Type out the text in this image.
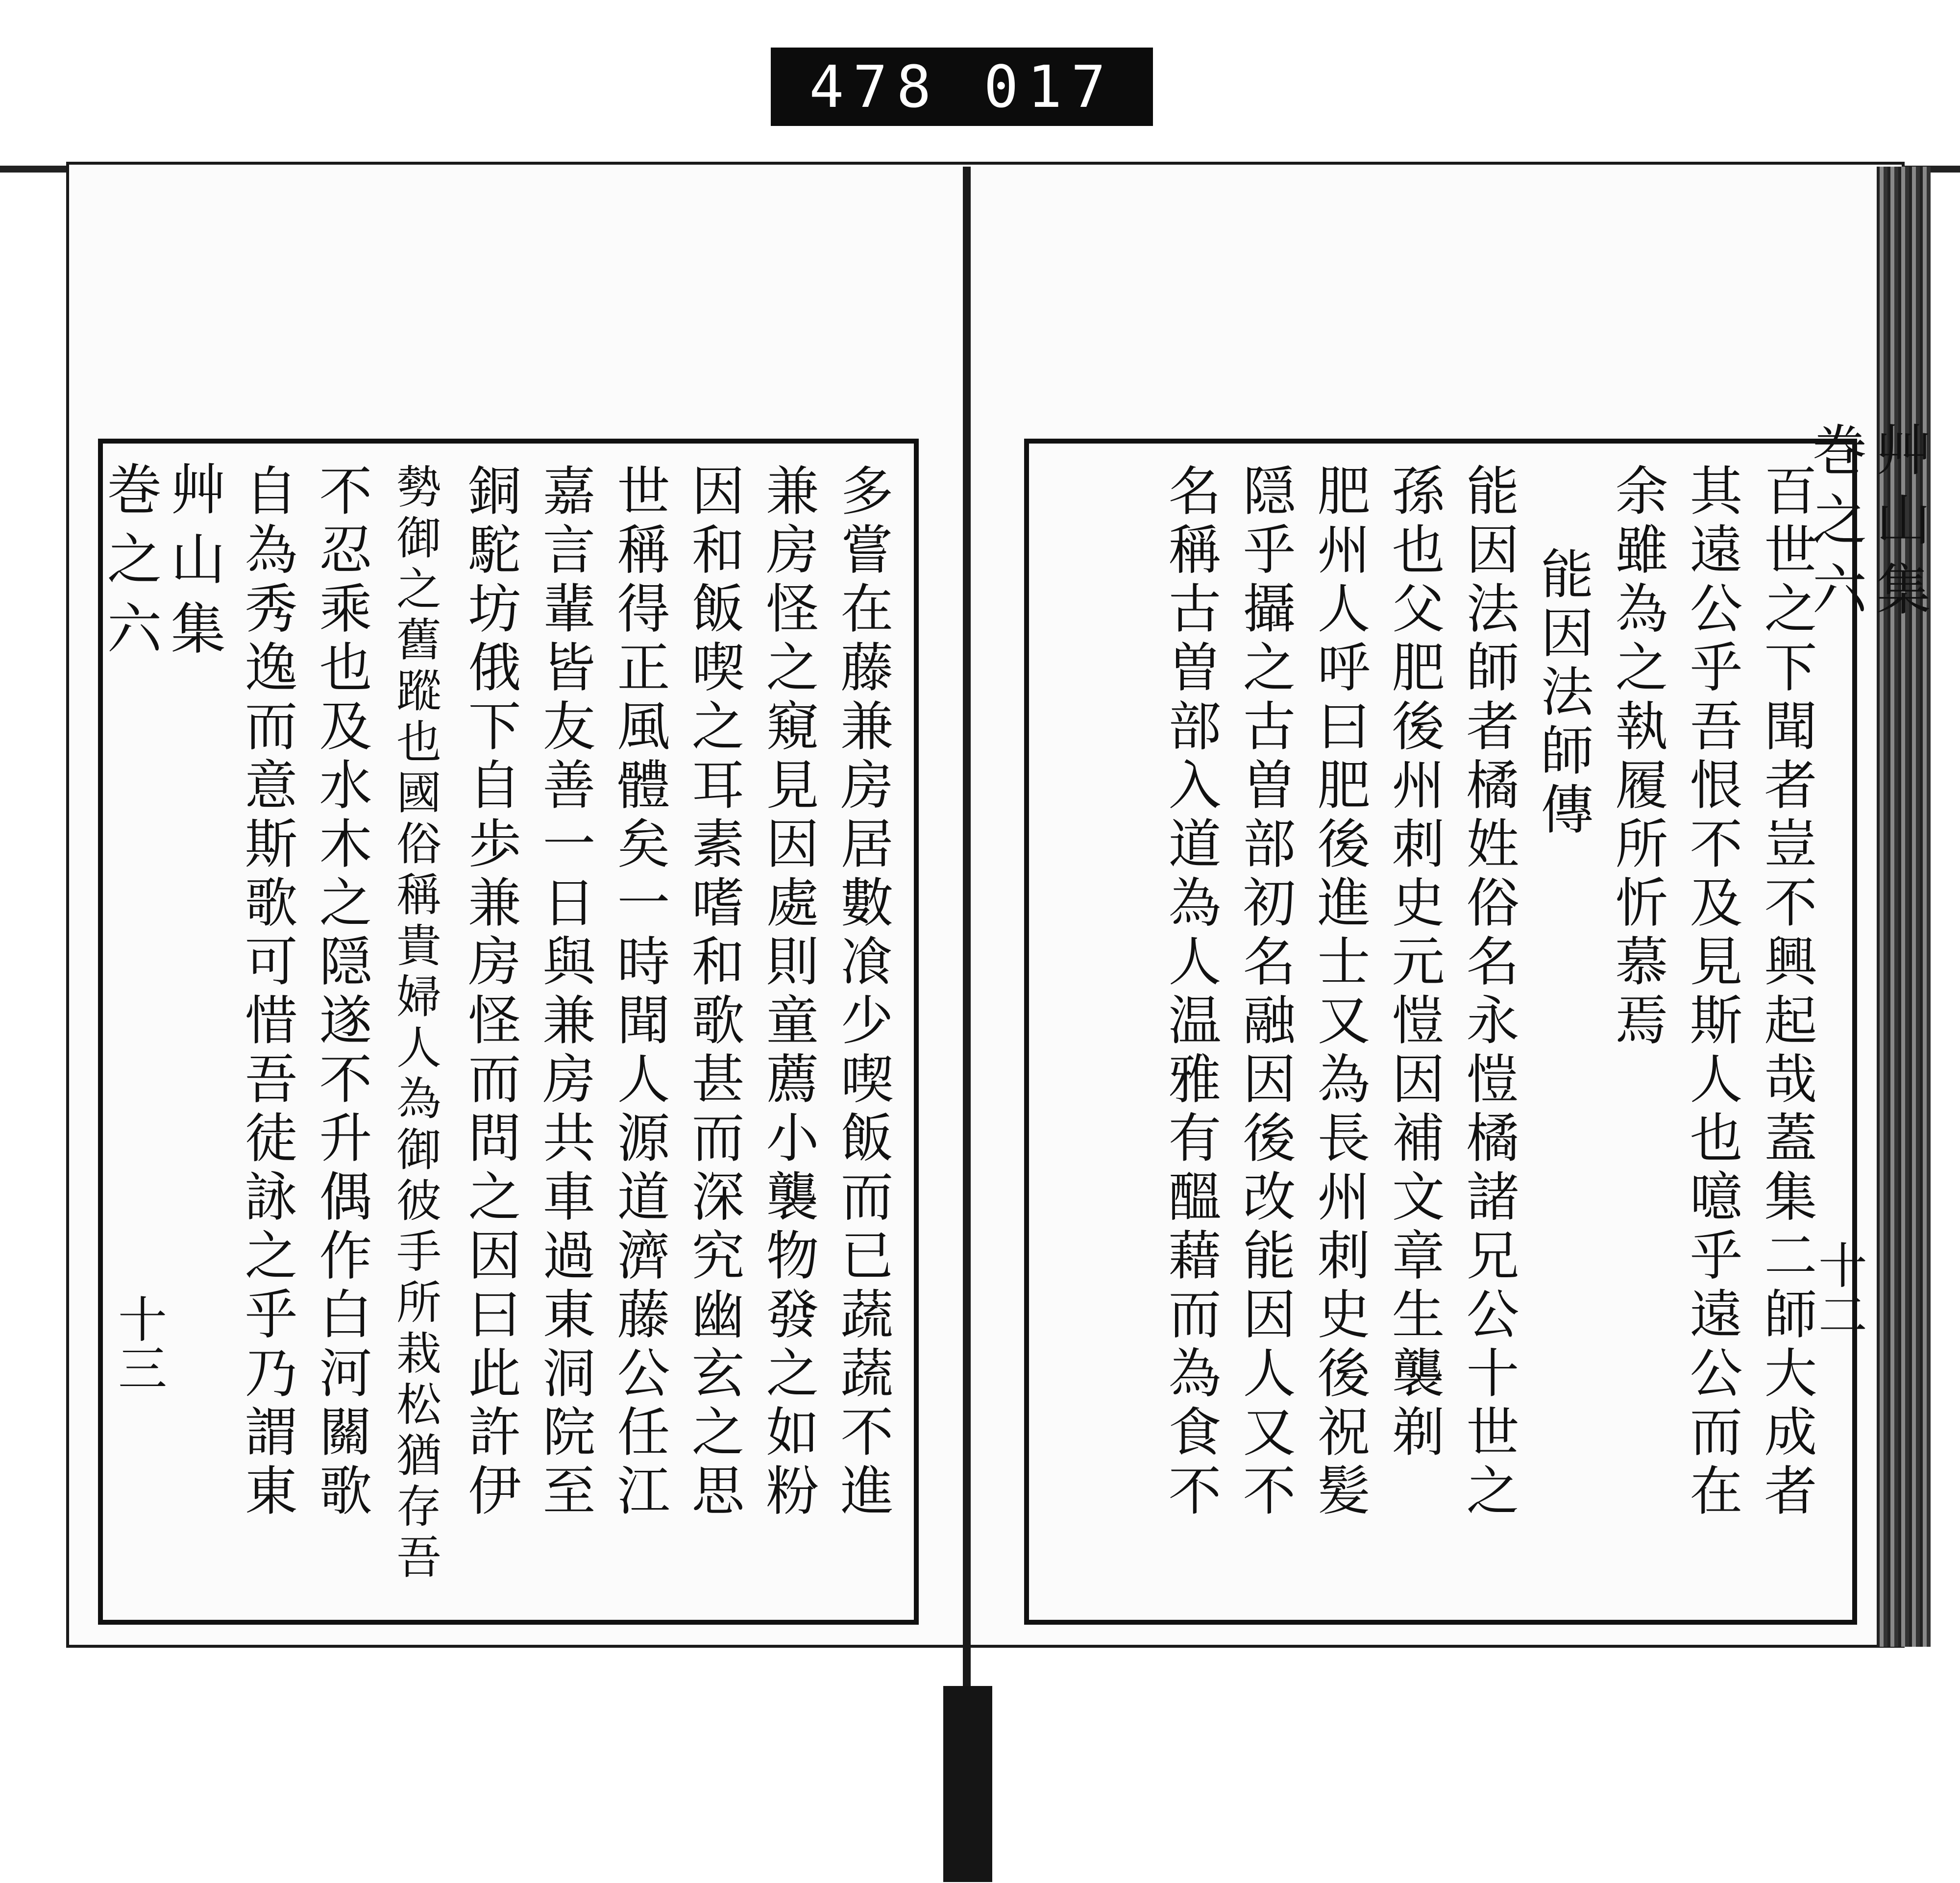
478 017
多嘗在藤兼房居數飡少喫飯而已蔬蔬不進
兼房怪之窺見因處則童薦小襲物發之如粉
因和飯喫之耳素嗜和歌甚而深究幽玄之思
世稱得正風體矣一時聞人源道濟藤公任江
嘉言輩皆友善一日與兼房共車過東洞院至
銅駝坊俄下自歩兼房怪而問之因曰此許伊
勢御之舊蹤也國俗稱貴婦人為御彼手所栽松猶存吾
不忍乘也及水木之隠遂不升偶作白河關歌
自為秀逸而意斯歌可惜吾徒詠之乎乃謂東
艸山集
巻之六
十三	百世之下聞者豈不興起哉蓋集二師大成者
其遠公乎吾恨不及見斯人也噫乎遠公而在
余雖為之執履所忻慕焉
能因法師傳
能因法師者橘姓俗名永愷橘諸兄公十世之
孫也父肥後州刺史元愷因補文章生襲剃
肥州人呼曰肥後進士又為長州刺史後祝髪
隠乎攝之古曽部初名融因後改能因人又不
名稱古曽部入道為人温雅有醞藉而為食不	艸山集
巻之六
十二
